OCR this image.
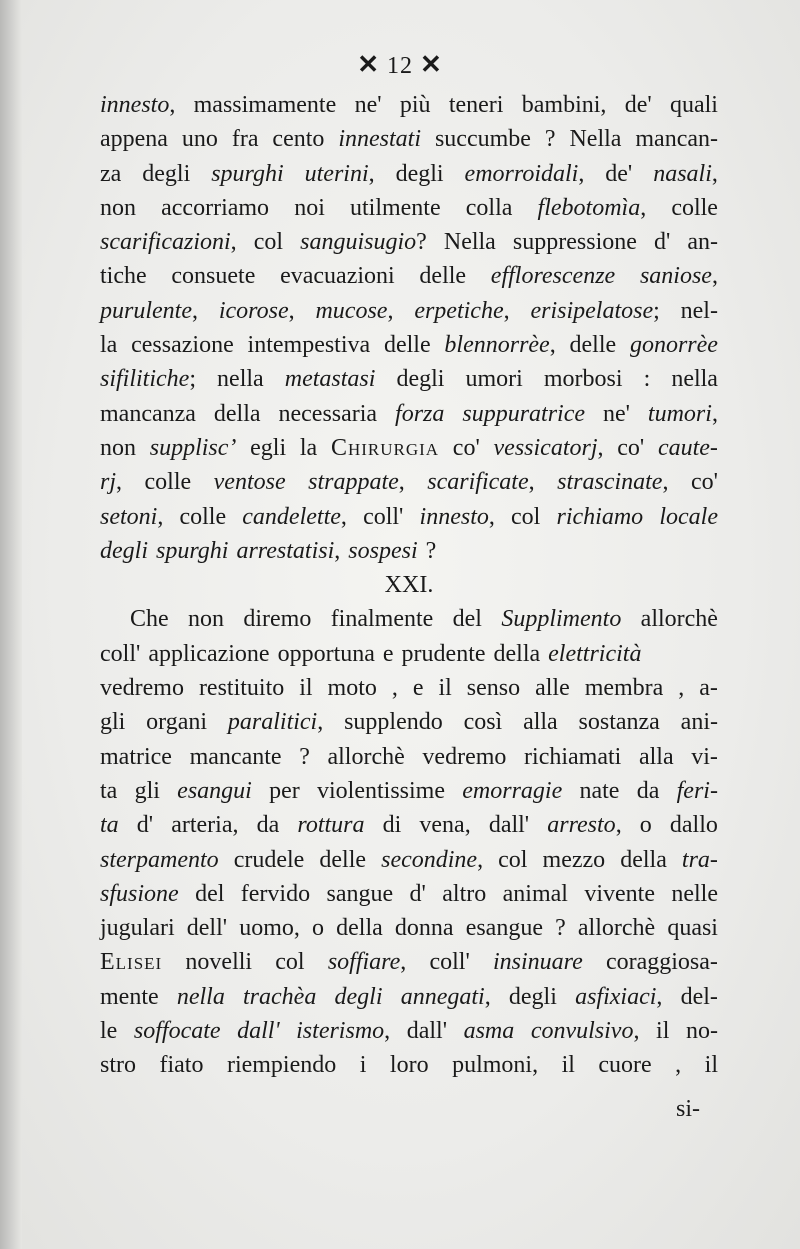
✕ 12 ✕
innesto, massimamente ne' più teneri bambini, de' quali
appena uno fra cento innestati succumbe ? Nella mancan-
za degli spurghi uterini, degli emorroidali, de' nasali,
non accorriamo noi utilmente colla flebotomìa, colle
scarificazioni, col sanguisugio? Nella suppressione d' an-
tiche consuete evacuazioni delle efflorescenze saniose,
purulente, icorose, mucose, erpetiche, erisipelatose; nel-
la cessazione intempestiva delle blennorrèe, delle gonorrèe
sifilitiche; nella metastasi degli umori morbosi : nella
mancanza della necessaria forza suppuratrice ne' tumori,
non suppliscʼ egli la Chirurgia co' vessicatorj, co' caute-
rj, colle ventose strappate, scarificate, strascinate, co'
setoni, colle candelette, coll' innesto, col richiamo locale
degli spurghi arrestatisi, sospesi ?
XXI.
Che non diremo finalmente del Supplimento allorchè
coll' applicazione opportuna e prudente della elettricità
vedremo restituito il moto , e il senso alle membra , a-
gli organi paralitici, supplendo così alla sostanza ani-
matrice mancante ? allorchè vedremo richiamati alla vi-
ta gli esangui per violentissime emorragie nate da feri-
ta d' arteria, da rottura di vena, dall' arresto, o dallo
sterpamento crudele delle secondine, col mezzo della tra-
sfusione del fervido sangue d' altro animal vivente nelle
jugulari dell' uomo, o della donna esangue ? allorchè quasi
Elisei novelli col soffiare, coll' insinuare coraggiosa-
mente nella trachèa degli annegati, degli asfixiaci, del-
le soffocate dall' isterismo, dall' asma convulsivo, il no-
stro fiato riempiendo i loro pulmoni, il cuore , il
si-
